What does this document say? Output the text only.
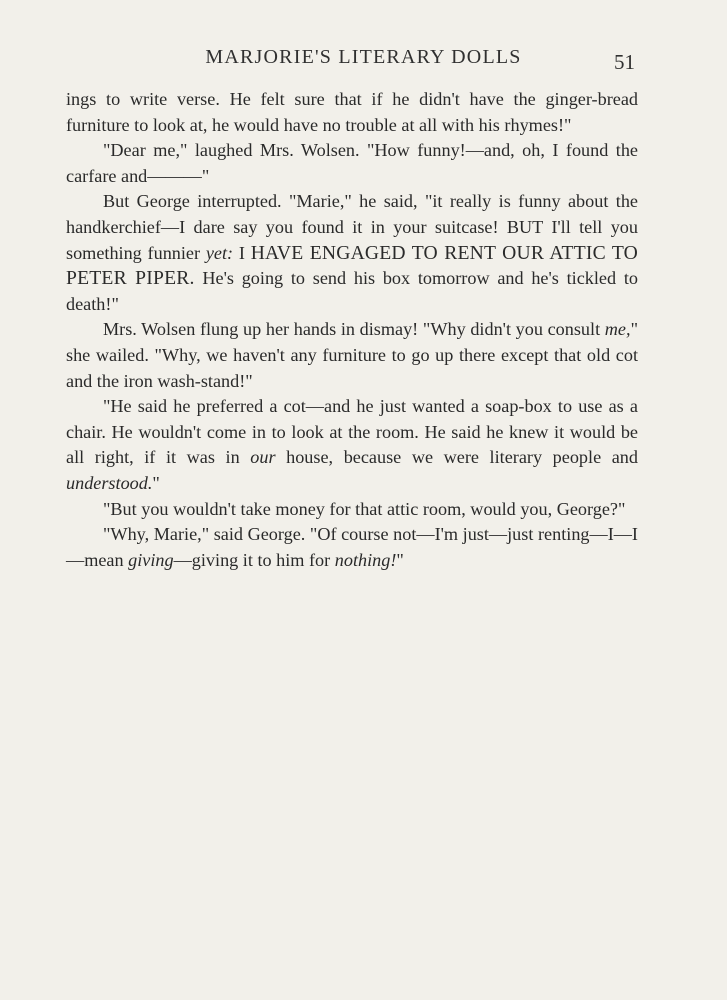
MARJORIE'S LITERARY DOLLS	51

ings to write verse. He felt sure that if he didn't have the ginger-bread furniture to look at, he would have no trouble at all with his rhymes!"

"Dear me," laughed Mrs. Wolsen. "How funny!—and, oh, I found the carfare and———"

But George interrupted. "Marie," he said, "it really is funny about the handkerchief—I dare say you found it in your suitcase! BUT I'll tell you something funnier yet: I HAVE ENGAGED TO RENT OUR ATTIC TO PETER PIPER. He's going to send his box tomorrow and he's tickled to death!"

Mrs. Wolsen flung up her hands in dismay! "Why didn't you consult me," she wailed. "Why, we haven't any furniture to go up there except that old cot and the iron wash-stand!"

"He said he preferred a cot—and he just wanted a soap-box to use as a chair. He wouldn't come in to look at the room. He said he knew it would be all right, if it was in our house, because we were literary people and understood."

"But you wouldn't take money for that attic room, would you, George?"

"Why, Marie," said George. "Of course not—I'm just—just renting—I—I—mean giving—giving it to him for nothing!"
